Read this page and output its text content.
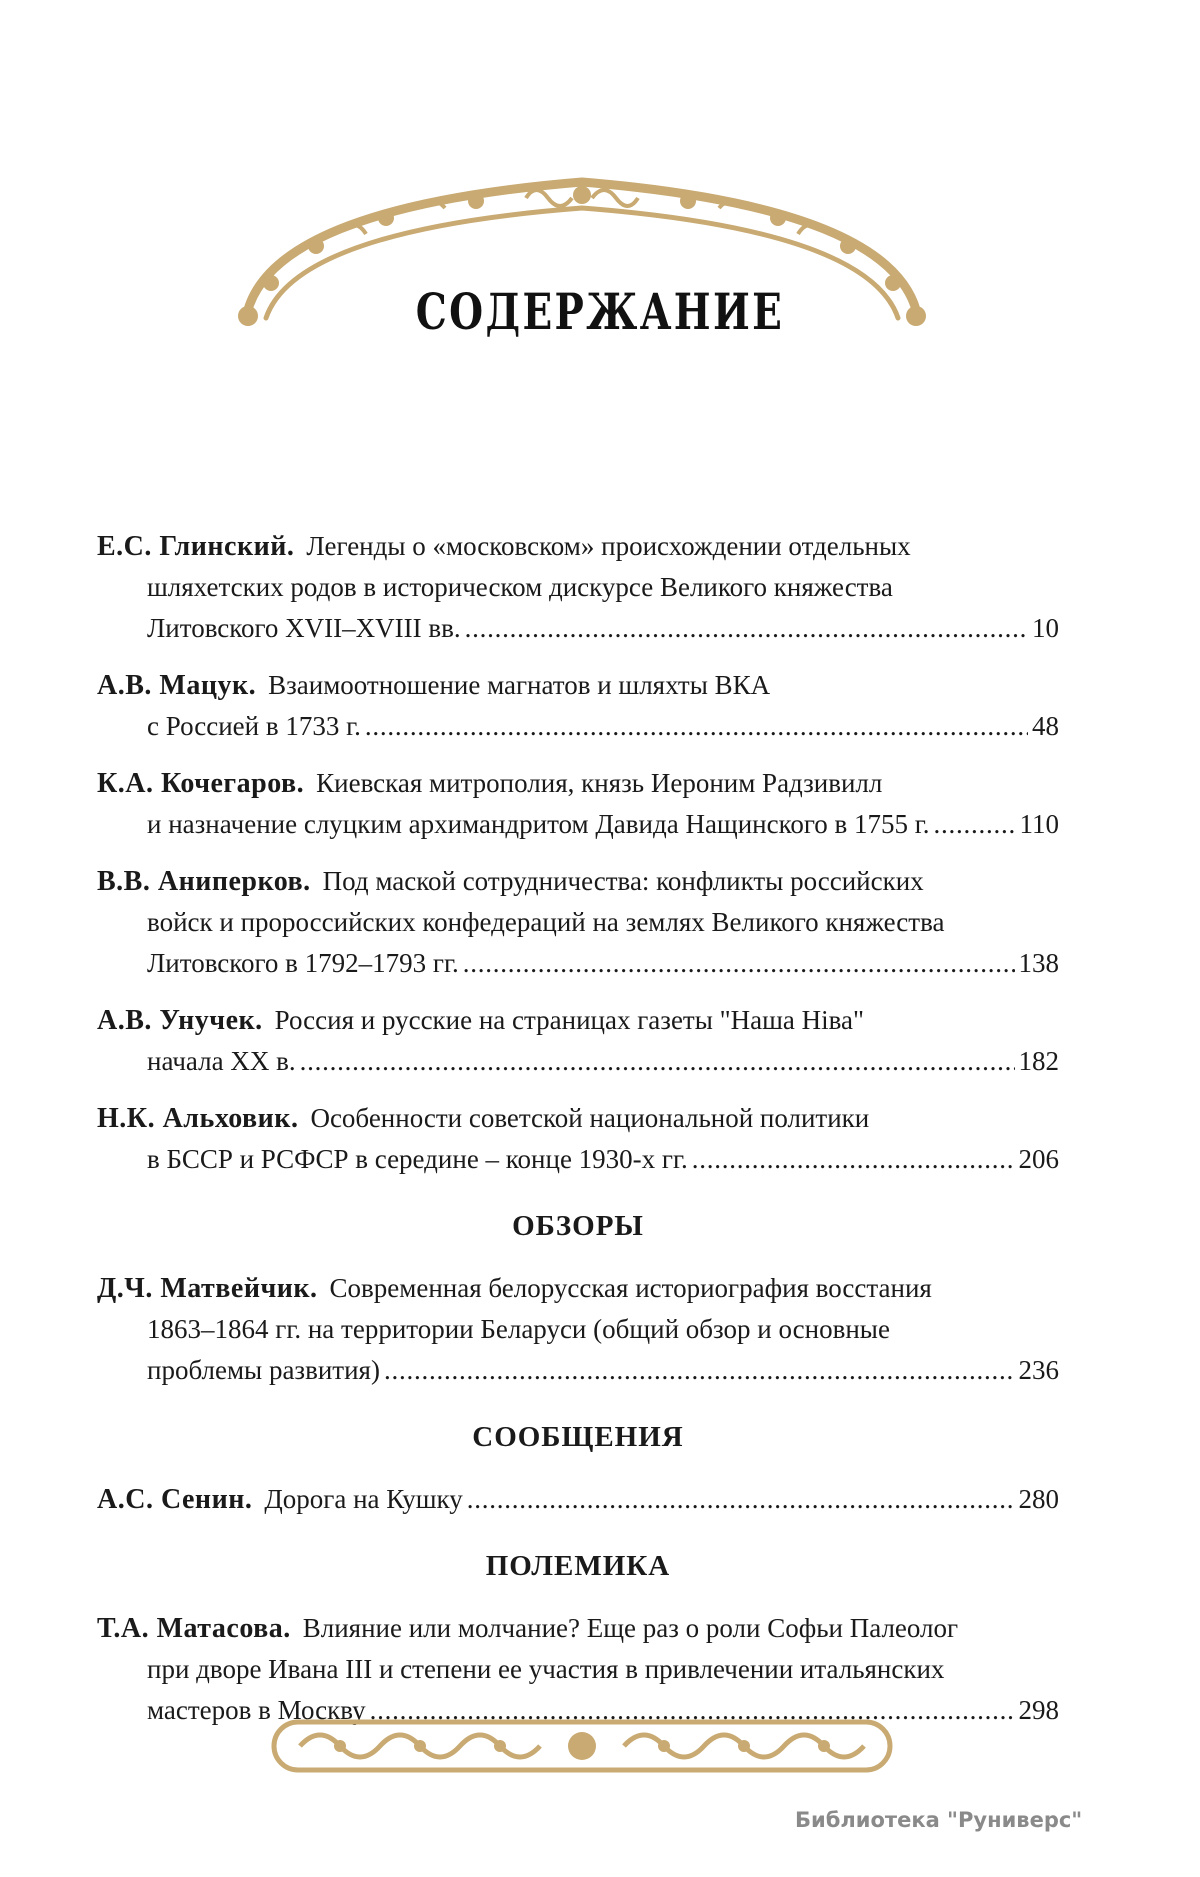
СОДЕРЖАНИЕ
Е.С. Глинский. Легенды о «московском» происхождении отдельных
шляхетских родов в историческом дискурсе Великого княжества
Литовского XVII–XVIII вв. . . .	10
А.В. Мацук. Взаимоотношение магнатов и шляхты ВКА
с Россией в 1733 г. . . .	48
К.А. Кочегаров. Киевская митрополия, князь Иероним Радзивилл
и назначение слуцким архимандритом Давида Нащинского в 1755 г. . . .	110
В.В. Аниперков. Под маской сотрудничества: конфликты российских
войск и пророссийских конфедераций на землях Великого княжества
Литовского в 1792–1793 гг. . . .	138
А.В. Унучек. Россия и русские на страницах газеты "Наша Ніва"
начала XX в. . . .	182
Н.К. Альховик. Особенности советской национальной политики
в БССР и РСФСР в середине – конце 1930-х гг. . . .	206
ОБЗОРЫ
Д.Ч. Матвейчик. Современная белорусская историография восстания
1863–1864 гг. на территории Беларуси (общий обзор и основные
проблемы развития) . . .	236
СООБЩЕНИЯ
А.С. Сенин. Дорога на Кушку . . .	280
ПОЛЕМИКА
Т.А. Матасова. Влияние или молчание? Еще раз о роли Софьи Палеолог
при дворе Ивана III и степени ее участия в привлечении итальянских
мастеров в Москву . . .	298
Библиотека "Руниверс"
